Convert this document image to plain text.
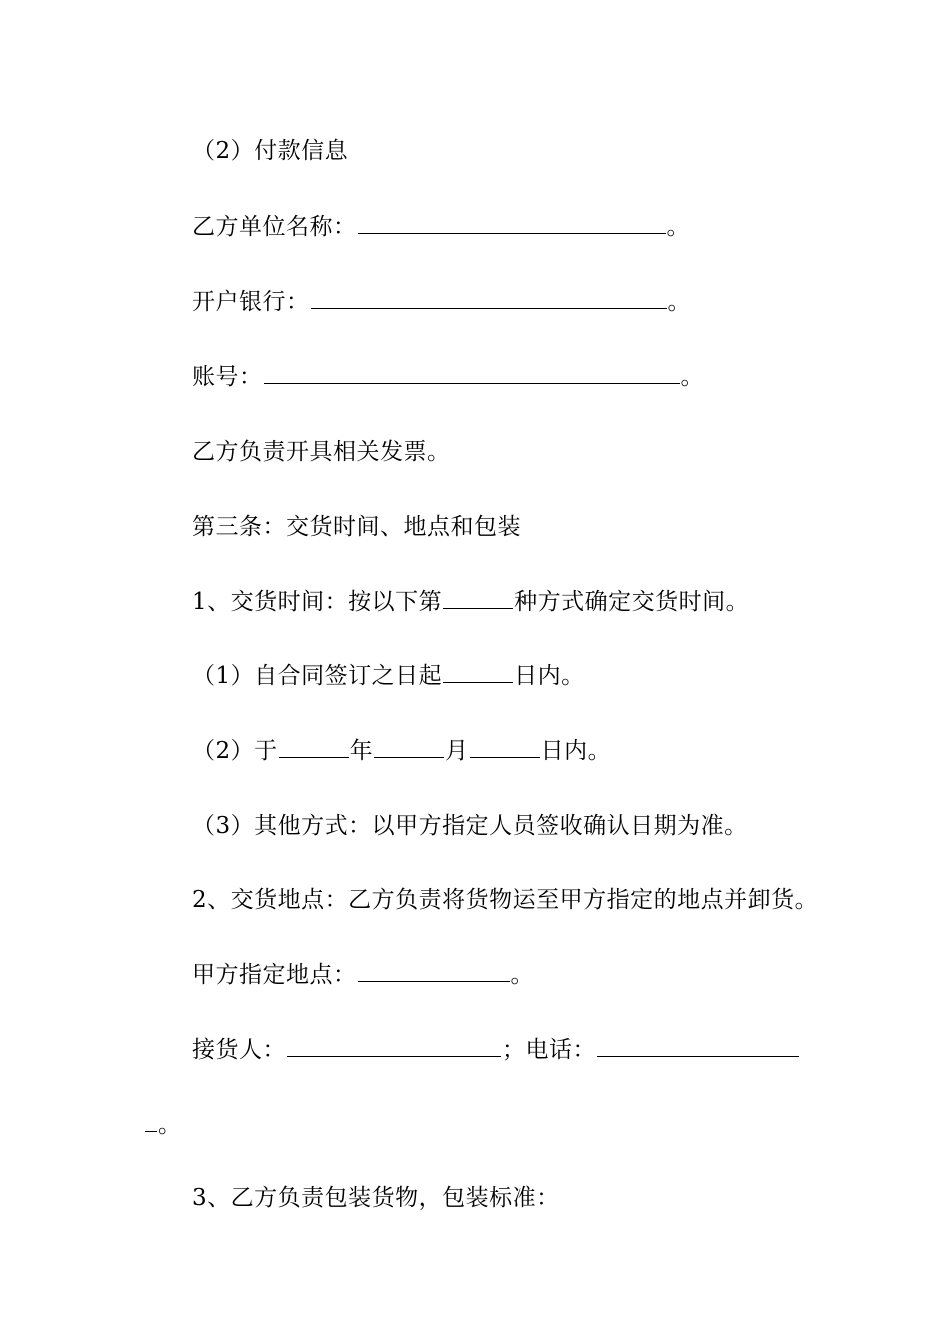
（2）付款信息
乙方单位名称：	。
开户银行：	。
账号：	。
乙方负责开具相关发票。
第三条：交货时间、地点和包装
1、交货时间：按以下第	种方式确定交货时间。
（1）自合同签订之日起	日内。
（2）于	年	月	日内。
（3）其他方式：以甲方指定人员签收确认日期为准。
2、交货地点：乙方负责将货物运至甲方指定的地点并卸货。
甲方指定地点：	。
接货人：	；电话：
。
3、乙方负责包装货物，包装标准：
